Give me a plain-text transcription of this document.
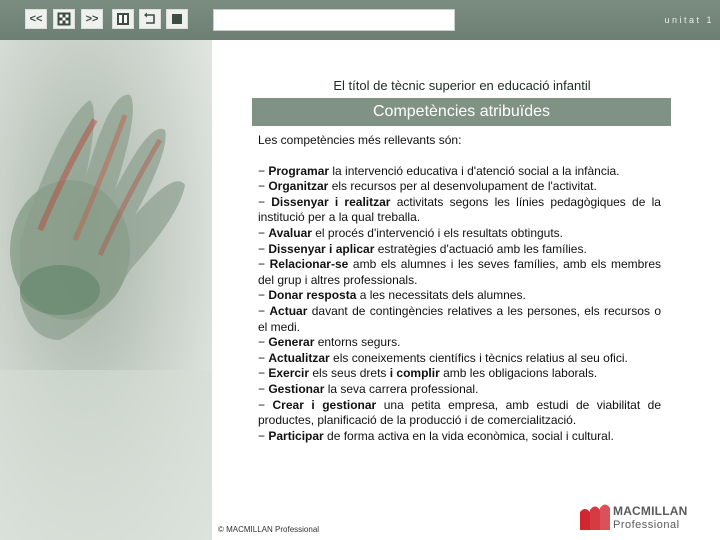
<<	>>	unitat 1
El títol de tècnic superior en educació infantil
Competències atribuïdes

Les competències més rellevants són:

− Programar la intervenció educativa i d'atenció social a la infància.

− Organitzar els recursos per al desenvolupament de l'activitat.

− Dissenyar i realitzar activitats segons les línies pedagògiques de la institució per a la qual treballa.

− Avaluar el procés d'intervenció i els resultats obtinguts.

− Dissenyar i aplicar estratègies d'actuació amb les famílies.

− Relacionar-se amb els alumnes i les seves famílies, amb els membres del grup i altres professionals.

− Donar resposta a les necessitats dels alumnes.

− Actuar davant de contingències relatives a les persones, els recursos o el medi.

− Generar entorns segurs.

− Actualitzar els coneixements científics i tècnics relatius al seu ofici.

− Exercir els seus drets i complir amb les obligacions laborals.

− Gestionar la seva carrera professional.

− Crear i gestionar una petita empresa, amb estudi de viabilitat de productes, planificació de la producció i de comercialització.

− Participar de forma activa en la vida econòmica, social i cultural.

© MACMILLAN Professional
MACMILLAN
Professional
